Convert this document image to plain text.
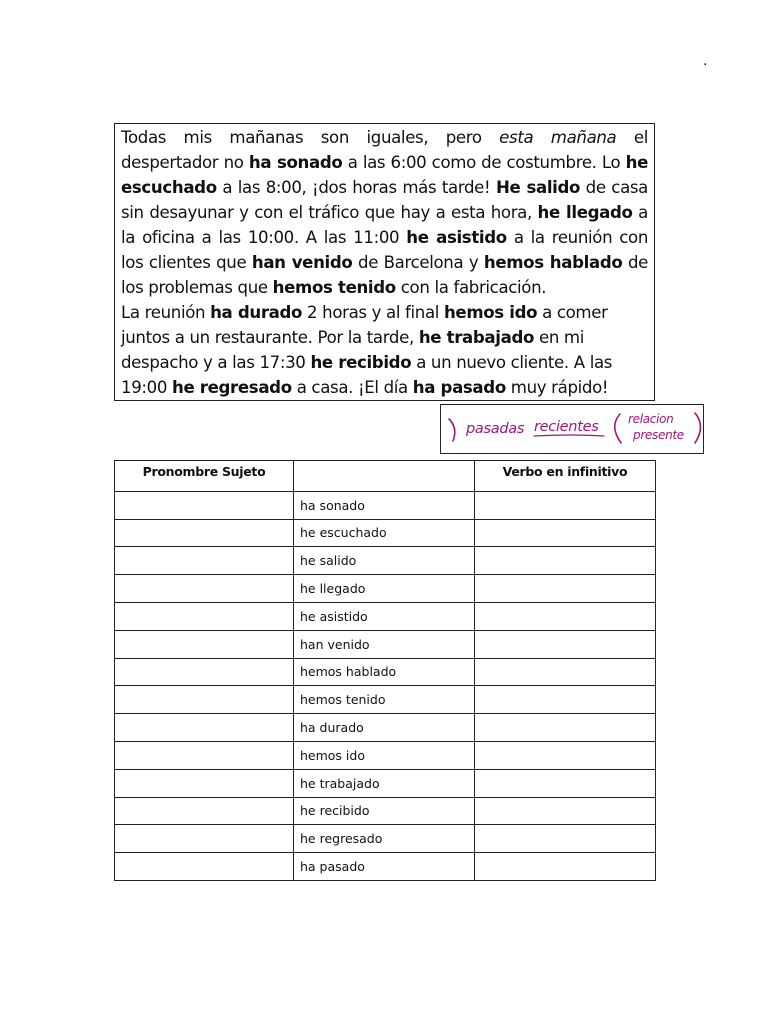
.

Todas mis mañanas son iguales, pero esta mañana el despertador no ha sonado a las 6:00 como de costumbre. Lo he escuchado a las 8:00, ¡dos horas más tarde! He salido de casa sin desayunar y con el tráfico que hay a esta hora, he llegado a la oficina a las 10:00. A las 11:00 he asistido a la reunión con los clientes que han venido de Barcelona y hemos hablado de los problemas que hemos tenido con la fabricación.

La reunión ha durado 2 horas y al final hemos ido a comer juntos a un restaurante. Por la tarde, he trabajado en mi despacho y a las 17:30 he recibido a un nuevo cliente. A las 19:00 he regresado a casa. ¡El día ha pasado muy rápido!

pasadas recientes relacion
presente
Pronombre Sujeto		Verbo en infinitivo
	ha sonado	
	he escuchado	
	he salido	
	he llegado	
	he asistido	
	han venido	
	hemos hablado	
	hemos tenido	
	ha durado	
	hemos ido	
	he trabajado	
	he recibido	
	he regresado	
	ha pasado	
